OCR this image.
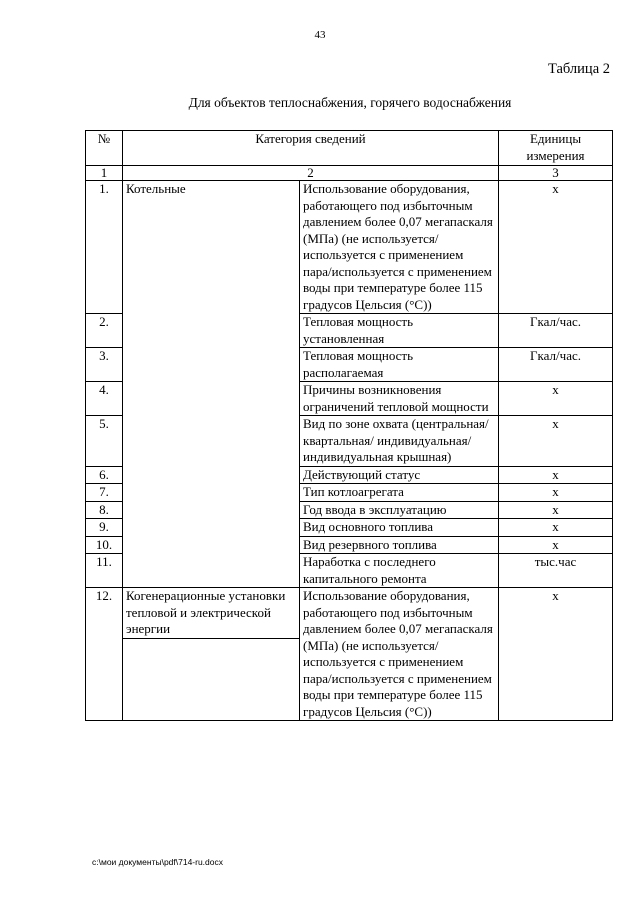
43
Таблица 2
Для объектов теплоснабжения, горячего водоснабжения
№	Категория сведений		Единицы измерения
1	2		3
1.	Котельные	Использование оборудования, работающего под избыточным давлением более 0,07 мегапаскаля (МПа) (не используется/используется с применением пара/используется с применением воды при температуре более 115 градусов Цельсия (°С))	х
2.		Тепловая мощность установленная	Гкал/час.
3.		Тепловая мощность располагаемая	Гкал/час.
4.		Причины возникновения ограничений тепловой мощности	х
5.		Вид по зоне охвата (центральная/квартальная/ индивидуальная/ индивидуальная крышная)	х
6.		Действующий статус	х
7.		Тип котлоагрегата	х
8.		Год ввода в эксплуатацию	х
9.		Вид основного топлива	х
10.		Вид резервного топлива	х
11.		Наработка с последнего капитального ремонта	тыс.час
12.	Когенерационные установки тепловой и электрической энергии	Использование оборудования, работающего под избыточным давлением более 0,07 мегапаскаля (МПа) (не используется/используется с применением пара/используется с применением воды при температуре более 115 градусов Цельсия (°С))	х

c:\мои документы\pdf\714-ru.docx
